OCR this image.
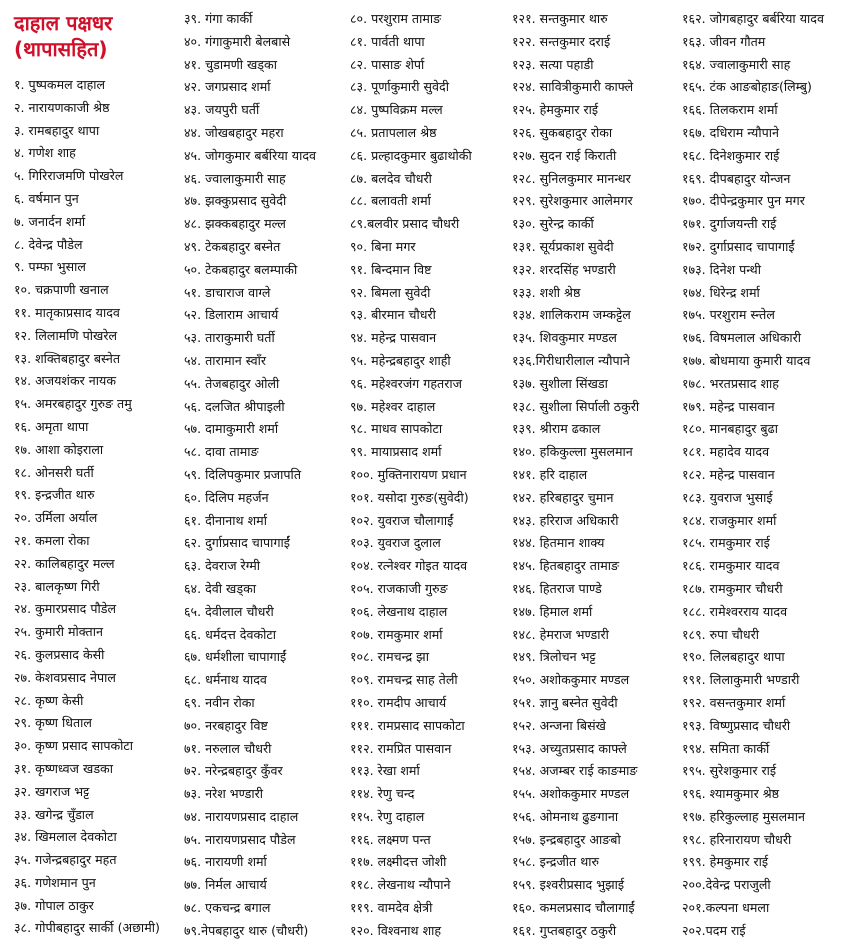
दाहाल पक्षधर
(थापासहित)
१. पुष्पकमल दाहाल
२. नारायणकाजी श्रेष्ठ
३. रामबहादुर थापा
४. गणेश शाह
५. गिरिराजमणि पोखरेल
६. वर्षमान पुन
७. जनार्दन शर्मा
८. देवेन्द्र पौडेल
९. पम्फा भुसाल
१०. चक्रपाणी खनाल
११. मातृकाप्रसाद यादव
१२. लिलामणि पोखरेल
१३. शक्तिबहादुर बस्नेत
१४. अजयशंकर नायक
१५. अमरबहादुर गुरुङ तमु
१६. अमृता थापा
१७. आशा कोइराला
१८. ओनसरी घर्ती
१९. इन्द्रजीत थारु
२०. उर्मिला अर्याल
२१. कमला रोका
२२. कालिबहादुर मल्ल
२३. बालकृष्ण गिरी
२४. कुमारप्रसाद पौडेल
२५. कुमारी मोक्तान
२६. कुलप्रसाद केसी
२७. केशवप्रसाद नेपाल
२८. कृष्ण केसी
२९. कृष्ण धिताल
३०. कृष्ण प्रसाद सापकोटा
३१. कृष्णध्वज खडका
३२. खगराज भट्ट
३३. खगेन्द्र चुँडाल
३४. खिमलाल देवकोटा
३५. गजेन्द्रबहादुर महत
३६. गणेशमान पुन
३७. गोपाल ठाकुर
३८. गोपीबहादुर सार्की (अछामी)
३९. गंगा कार्की
४०. गंगाकुमारी बेलबासे
४१. चुडामणी खड्का
४२. जगप्रसाद शर्मा
४३. जयपुरी घर्ती
४४. जोखबहादुर महरा
४५. जोगकुमार बर्बरिया यादव
४६. ज्वालाकुमारी साह
४७. झक्कुप्रसाद सुवेदी
४८. झक्कबहादुर मल्ल
४९. टेकबहादुर बस्नेत
५०. टेकबहादुर बलम्पाकी
५१. डाचाराज वाग्ले
५२. डिलाराम आचार्य
५३. ताराकुमारी घर्ती
५४. तारामान स्वाँर
५५. तेजबहादुर ओली
५६. दलजित श्रीपाइली
५७. दामाकुमारी शर्मा
५८. दावा तामाङ
५९. दिलिपकुमार प्रजापति
६०. दिलिप महर्जन
६१. दीनानाथ शर्मा
६२. दुर्गाप्रसाद चापागाईं
६३. देवराज रेग्मी
६४. देवी खड्का
६५. देवीलाल चौधरी
६६. धर्मदत्त देवकोटा
६७. धर्मशीला चापागाईं
६८. धर्मनाथ यादव
६९. नवीन रोका
७०. नरबहादुर विष्ट
७१. नरुलाल चौधरी
७२. नरेन्द्रबहादुर कुँवर
७३. नरेश भण्डारी
७४. नारायणप्रसाद दाहाल
७५. नारायणप्रसाद पौडेल
७६. नारायणी शर्मा
७७. निर्मल आचार्य
७८. एकचन्द्र बगाल
७९.नेपबहादुर थारु (चौधरी)
८०. परशुराम तामाङ
८१. पार्वती थापा
८२. पासाङ शेर्पा
८३. पूर्णाकुमारी सुवेदी
८४. पुष्पविक्रम मल्ल
८५. प्रतापलाल श्रेष्ठ
८६. प्रल्हादकुमार बुढाथोकी
८७. बलदेव चौधरी
८८. बलावती शर्मा
८९.बलवीर प्रसाद चौधरी
९०. बिना मगर
९१. बिन्दमान विष्ट
९२. बिमला सुवेदी
९३. बीरमान चौधरी
९४. महेन्द्र पासवान
९५. महेन्द्रबहादुर शाही
९६. महेश्वरजंग गहतराज
९७. महेश्वर दाहाल
९८. माधव सापकोटा
९९. मायाप्रसाद शर्मा
१००. मुक्तिनारायण प्रधान
१०१. यसोदा गुरुङ(सुवेदी)
१०२. युवराज चौलागाईं
१०३. युवराज दुलाल
१०४. रत्नेश्वर गोइत यादव
१०५. राजकाजी गुरुङ
१०६. लेखनाथ दाहाल
१०७. रामकुमार शर्मा
१०८. रामचन्द्र झा
१०९. रामचन्द्र साह तेली
११०. रामदीप आचार्य
१११. रामप्रसाद सापकोटा
११२. रामप्रित पासवान
११३. रेखा शर्मा
११४. रेणु चन्द
११५. रेणु दाहाल
११६. लक्ष्मण पन्त
११७. लक्ष्मीदत्त जोशी
११८. लेखनाथ न्यौपाने
११९. वामदेव क्षेत्री
१२०. विश्वनाथ शाह
१२१. सन्तकुमार थारु
१२२. सन्तकुमार दराई
१२३. सत्या पहाडी
१२४. सावित्रीकुमारी काफ्ले
१२५. हेमकुमार राई
१२६. सुकबहादुर रोका
१२७. सुदन राई किराती
१२८. सुनिलकुमार मानन्धर
१२९. सुरेशकुमार आलेमगर
१३०. सुरेन्द्र कार्की
१३१. सूर्यप्रकाश सुवेदी
१३२. शरदसिंह भण्डारी
१३३. शशी श्रेष्ठ
१३४. शालिकराम जम्कट्टेल
१३५. शिवकुमार मण्डल
१३६.गिरीधारीलाल न्यौपाने
१३७. सुशीला सिंखडा
१३८. सुशीला सिर्पाली ठकुरी
१३९. श्रीराम ढकाल
१४०. हकिकुल्ला मुसलमान
१४१. हरि दाहाल
१४२. हरिबहादुर चुमान
१४३. हरिराज अधिकारी
१४४. हितमान शाक्य
१४५. हितबहादुर तामाङ
१४६. हितराज पाण्डे
१४७. हिमाल शर्मा
१४८. हेमराज भण्डारी
१४९. त्रिलोचन भट्ट
१५०. अशोककुमार मण्डल
१५१. ज्ञानु बस्नेत सुवेदी
१५२. अन्जना बिसंखे
१५३. अच्युतप्रसाद काफ्ले
१५४. अजम्बर राई काङमाङ
१५५. अशोककुमार मण्डल
१५६. ओमनाथ ढुङगाना
१५७. इन्द्रबहादुर आङबो
१५८. इन्द्रजीत थारु
१५९. इश्वरीप्रसाद भुझाई
१६०. कमलप्रसाद चौलागाईं
१६१. गुप्तबहादुर ठकुरी
१६२. जोगबहादुर बर्बरिया यादव
१६३. जीवन गौतम
१६४. ज्वालाकुमारी साह
१६५. टंक आङबोहाङ(लिम्बु)
१६६. तिलकराम शर्मा
१६७. दधिराम न्यौपाने
१६८. दिनेशकुमार राई
१६९. दीपबहादुर योन्जन
१७०. दीपेन्द्रकुमार पुन मगर
१७१. दुर्गाजयन्ती राई
१७२. दुर्गाप्रसाद चापागाईं
१७३. दिनेश पन्थी
१७४. धिरेन्द्र शर्मा
१७५. परशुराम स्न्तेल
१७६. विषमलाल अधिकारी
१७७. बोधमाया कुमारी यादव
१७८. भरतप्रसाद शाह
१७९. महेन्द्र पासवान
१८०. मानबहादुर बुढा
१८१. महादेव यादव
१८२. महेन्द्र पासवान
१८३. युवराज भुसाई
१८४. राजकुमार शर्मा
१८५. रामकुमार राई
१८६. रामकुमार यादव
१८७. रामकुमार चौधरी
१८८. रामेश्वरराय यादव
१८९. रुपा चौधरी
१९०. लिलबहादुर थापा
१९१. लिलाकुमारी भण्डारी
१९२. वसन्तकुमार शर्मा
१९३. विष्णुप्रसाद चौधरी
१९४. समिता कार्की
१९५. सुरेशकुमार राई
१९६. श्यामकुमार श्रेष्ठ
१९७. हरिकुल्लाह मुसलमान
१९८. हरिनारायण चौधरी
१९९. हेमकुमार राई
२००.देवेन्द्र पराजुली
२०१.कल्पना धमला
२०२.पदम राई
